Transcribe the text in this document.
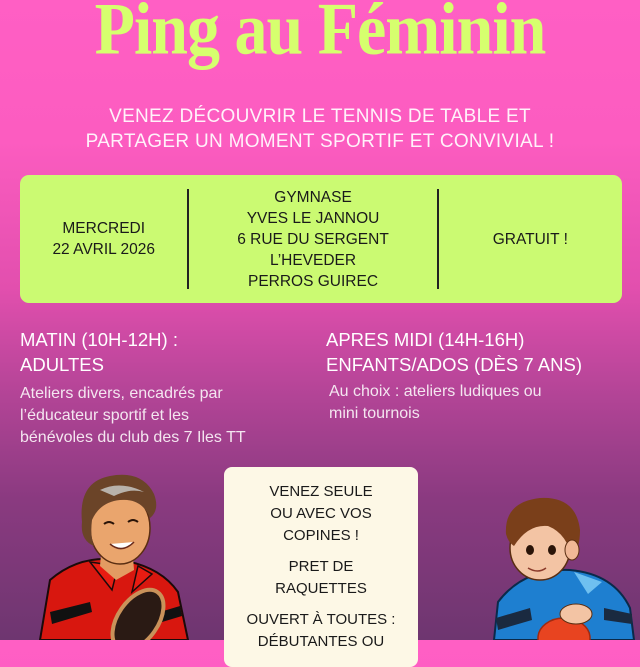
Ping au Féminin
VENEZ DÉCOUVRIR LE TENNIS DE TABLE ET
PARTAGER UN MOMENT SPORTIF ET CONVIVIAL !
MERCREDI
22 AVRIL 2026
GYMNASE
YVES LE JANNOU
6 RUE DU SERGENT
L’HEVEDER
PERROS GUIREC
GRATUIT !
MATIN (10H-12H) :
ADULTES
Ateliers divers, encadrés par
l’éducateur sportif et les
bénévoles du club des 7 Iles TT
APRES MIDI (14H-16H)
ENFANTS/ADOS (DÈS 7 ANS)
Au choix : ateliers ludiques ou
mini tournois

VENEZ SEULE
OU AVEC VOS
COPINES !

PRET DE
RAQUETTES

OUVERT À TOUTES :
DÉBUTANTES OU
